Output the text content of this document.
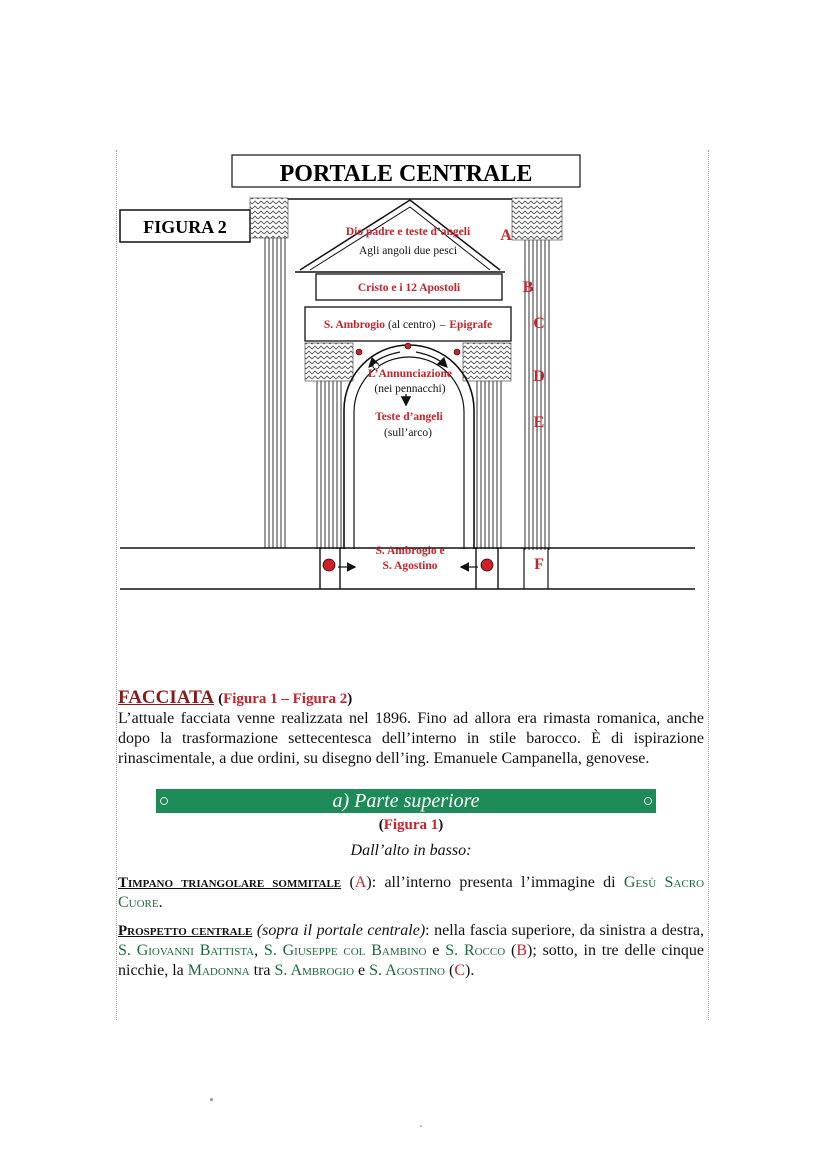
PORTALE CENTRALE
FIGURA 2	Dio padre e teste d’angeli
Agli angoli due pesci
Cristo e i 12 Apostoli
S. Ambrogio (al centro) – Epigrafe
L’Annunciazione
(nei pennacchi)
Teste d’angeli
(sull’arco)
S. Ambrogio e
S. Agostino
A
B
C
D
E
F
FACCIATA (Figura 1 – Figura 2)

L’attuale facciata venne realizzata nel 1896. Fino ad allora era rimasta romanica, anche dopo la trasformazione settecentesca dell’interno in stile barocco. È di ispirazione rinascimentale, a due ordini, su disegno dell’ing. Emanuele Campanella, genovese.

a) Parte superiore
(Figura 1)
Dall’alto in basso:

Timpano triangolare sommitale (A): all’interno presenta l’immagine di Gesù Sacro Cuore.

Prospetto centrale (sopra il portale centrale): nella fascia superiore, da sinistra a destra, S. Giovanni Battista, S. Giuseppe col Bambino e S. Rocco (B); sotto, in tre delle cinque nicchie, la Madonna tra S. Ambrogio e S. Agostino (C).
